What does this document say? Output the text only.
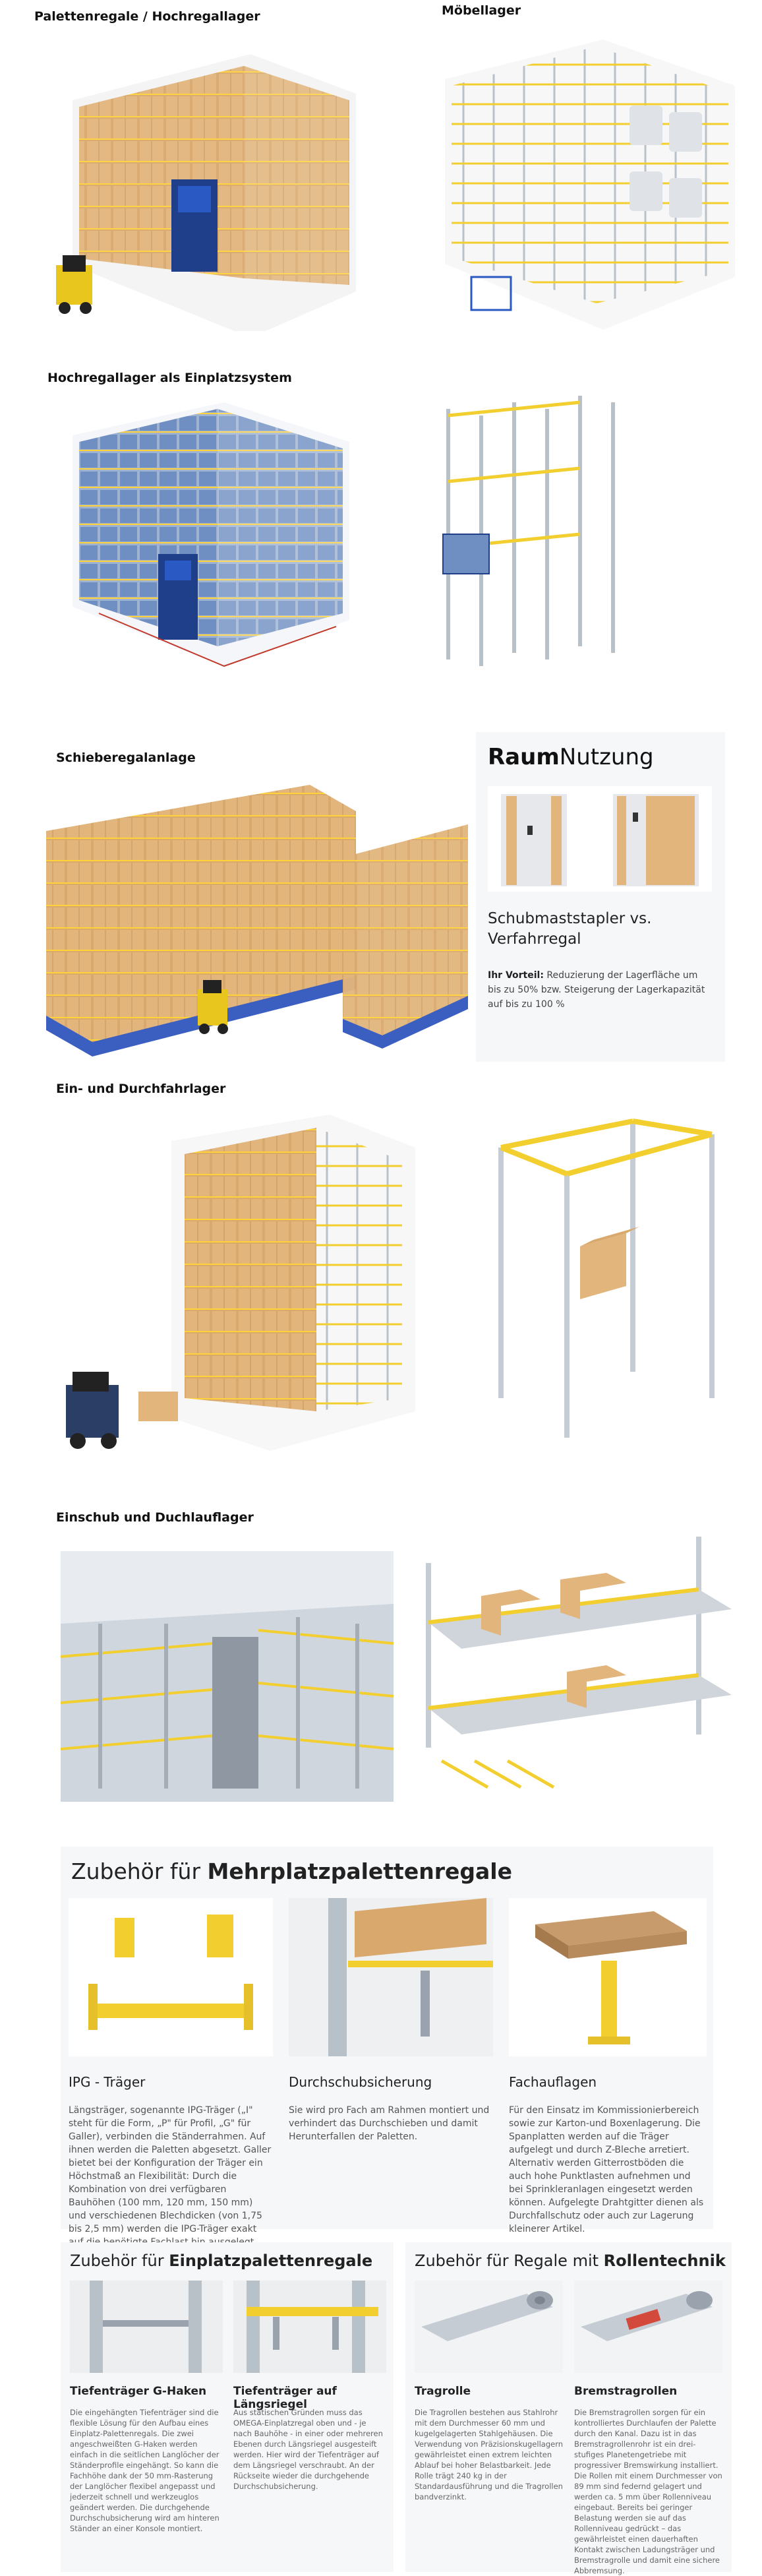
Palettenregale / Hochregallager	Möbellager
Hochregallager als Einplatzsystem
Schieberegalanlage	RaumNutzung
Schubmaststapler vs. Verfahrregal
Ihr Vorteil: Reduzierung der Lagerfläche um bis zu 50% bzw. Steigerung der Lagerkapazität auf bis zu 100 %
Ein- und Durchfahrlager
Einschub und Duchlauflager
Zubehör für Mehrplatzpalettenregale
IPG - Träger
Längsträger, sogenannte IPG-Träger („I" steht für die Form, „P" für Profil, „G" für Galler), verbinden die Ständerrahmen. Auf ihnen werden die Paletten abgesetzt. Galler bietet bei der Konfiguration der Träger ein Höchstmaß an Flexibilität: Durch die Kombination von drei verfügbaren Bauhöhen (100 mm, 120 mm, 150 mm) und verschiedenen Blechdicken (von 1,75 bis 2,5 mm) werden die IPG-Träger exakt
Durchschubsicherung
Sie wird pro Fach am Rahmen montiert und verhindert das Durchschieben und damit Herunterfallen der Paletten.
Fachauflagen
Für den Einsatz im Kommissionierbereich sowie zur Karton-und Boxenlagerung. Die Spanplatten werden auf die Träger aufgelegt und durch Z-Bleche arretiert. Alternativ werden Gitterrostböden die auch hohe Punktlasten aufnehmen und bei Sprinkleranlagen eingesetzt werden können. Aufgelegte Drahtgitter dienen als Durchfallschutz oder auch zur Lagerung kleinerer Artikel.
Zubehör für Einplatzpalettenregale
Tiefenträger G-Haken
Die eingehängten Tiefenträger sind die flexible Lösung für den Aufbau eines Einplatz-Palettenregals. Die zwei angeschweißten G-Haken werden einfach in die seitlichen Langlöcher der Ständerprofile eingehängt. So kann die Fachhöhe dank der 50 mm-Rasterung der Langlöcher flexibel angepasst und jederzeit schnell und werkzeuglos geändert werden. Die durchgehende Durchschubsicherung wird am hinteren Ständer an einer Konsole montiert.
Tiefenträger auf Längsriegel
Aus statischen Gründen muss das OMEGA-Einplatzregal oben und - je nach Bauhöhe - in einer oder mehreren Ebenen durch Längsriegel ausgesteift werden. Hier wird der Tiefenträger auf dem Längsriegel verschraubt. An der Rückseite wieder die durchgehende Durchschubsicherung.
Zubehör für Regale mit Rollentechnik
Tragrolle
Die Tragrollen bestehen aus Stahlrohr mit dem Durchmesser 60 mm und kugelgelagerten Stahlgehäusen. Die Verwendung von Präzisionskugellagern gewährleistet einen extrem leichten Ablauf bei hoher Belastbarkeit. Jede Rolle trägt 240 kg in der Standardausführung und die Tragrollen bandverzinkt.
Bremstragrollen
Die Bremstragrollen sorgen für ein kontrolliertes Durchlaufen der Palette durch den Kanal. Dazu ist in das Bremstragrollenrohr ist ein drei- stufiges Planetengetriebe mit progressiver Bremswirkung installiert. Die Rollen mit einem Durchmesser von 89 mm sind federnd gelagert und werden ca. 5 mm über Rollenniveau eingebaut. Bereits bei geringer Belastung werden sie auf das Rollenniveau gedrückt – das gewährleistet einen dauerhaften Kontakt zwischen Ladungsträger und Bremstragrolle und damit eine sichere Abbremsung.
